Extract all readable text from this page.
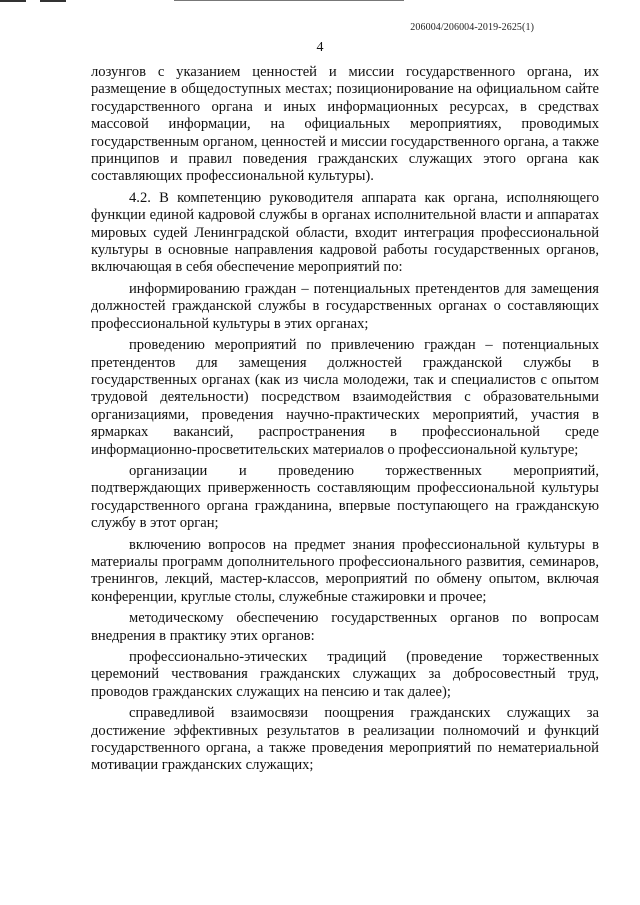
206004/206004-2019-2625(1)
4

лозунгов с указанием ценностей и миссии государственного органа, их размещение в общедоступных местах; позиционирование на официальном сайте государственного органа и иных информационных ресурсах, в средствах массовой информации, на официальных мероприятиях, проводимых государственным органом, ценностей и миссии государственного органа, а также принципов и правил поведения гражданских служащих этого органа как составляющих профессиональной культуры).

4.2. В компетенцию руководителя аппарата как органа, исполняющего функции единой кадровой службы в органах исполнительной власти и аппаратах мировых судей Ленинградской области, входит интеграция профессиональной культуры в основные направления кадровой работы государственных органов, включающая в себя обеспечение мероприятий по:

информированию граждан – потенциальных претендентов для замещения должностей гражданской службы в государственных органах о составляющих профессиональной культуры в этих органах;

проведению мероприятий по привлечению граждан – потенциальных претендентов для замещения должностей гражданской службы в государственных органах (как из числа молодежи, так и специалистов с опытом трудовой деятельности) посредством взаимодействия с образовательными организациями, проведения научно-практических мероприятий, участия в ярмарках вакансий, распространения в профессиональной среде информационно-просветительских материалов о профессиональной культуре;

организации и проведению торжественных мероприятий, подтверждающих приверженность составляющим профессиональной культуры государственного органа гражданина, впервые поступающего на гражданскую службу в этот орган;

включению вопросов на предмет знания профессиональной культуры в материалы программ дополнительного профессионального развития, семинаров, тренингов, лекций, мастер-классов, мероприятий по обмену опытом, включая конференции, круглые столы, служебные стажировки и прочее;

методическому обеспечению государственных органов по вопросам внедрения в практику этих органов:

профессионально-этических традиций (проведение торжественных церемоний чествования гражданских служащих за добросовестный труд, проводов гражданских служащих на пенсию и так далее);

справедливой взаимосвязи поощрения гражданских служащих за достижение эффективных результатов в реализации полномочий и функций государственного органа, а также проведения мероприятий по нематериальной мотивации гражданских служащих;
